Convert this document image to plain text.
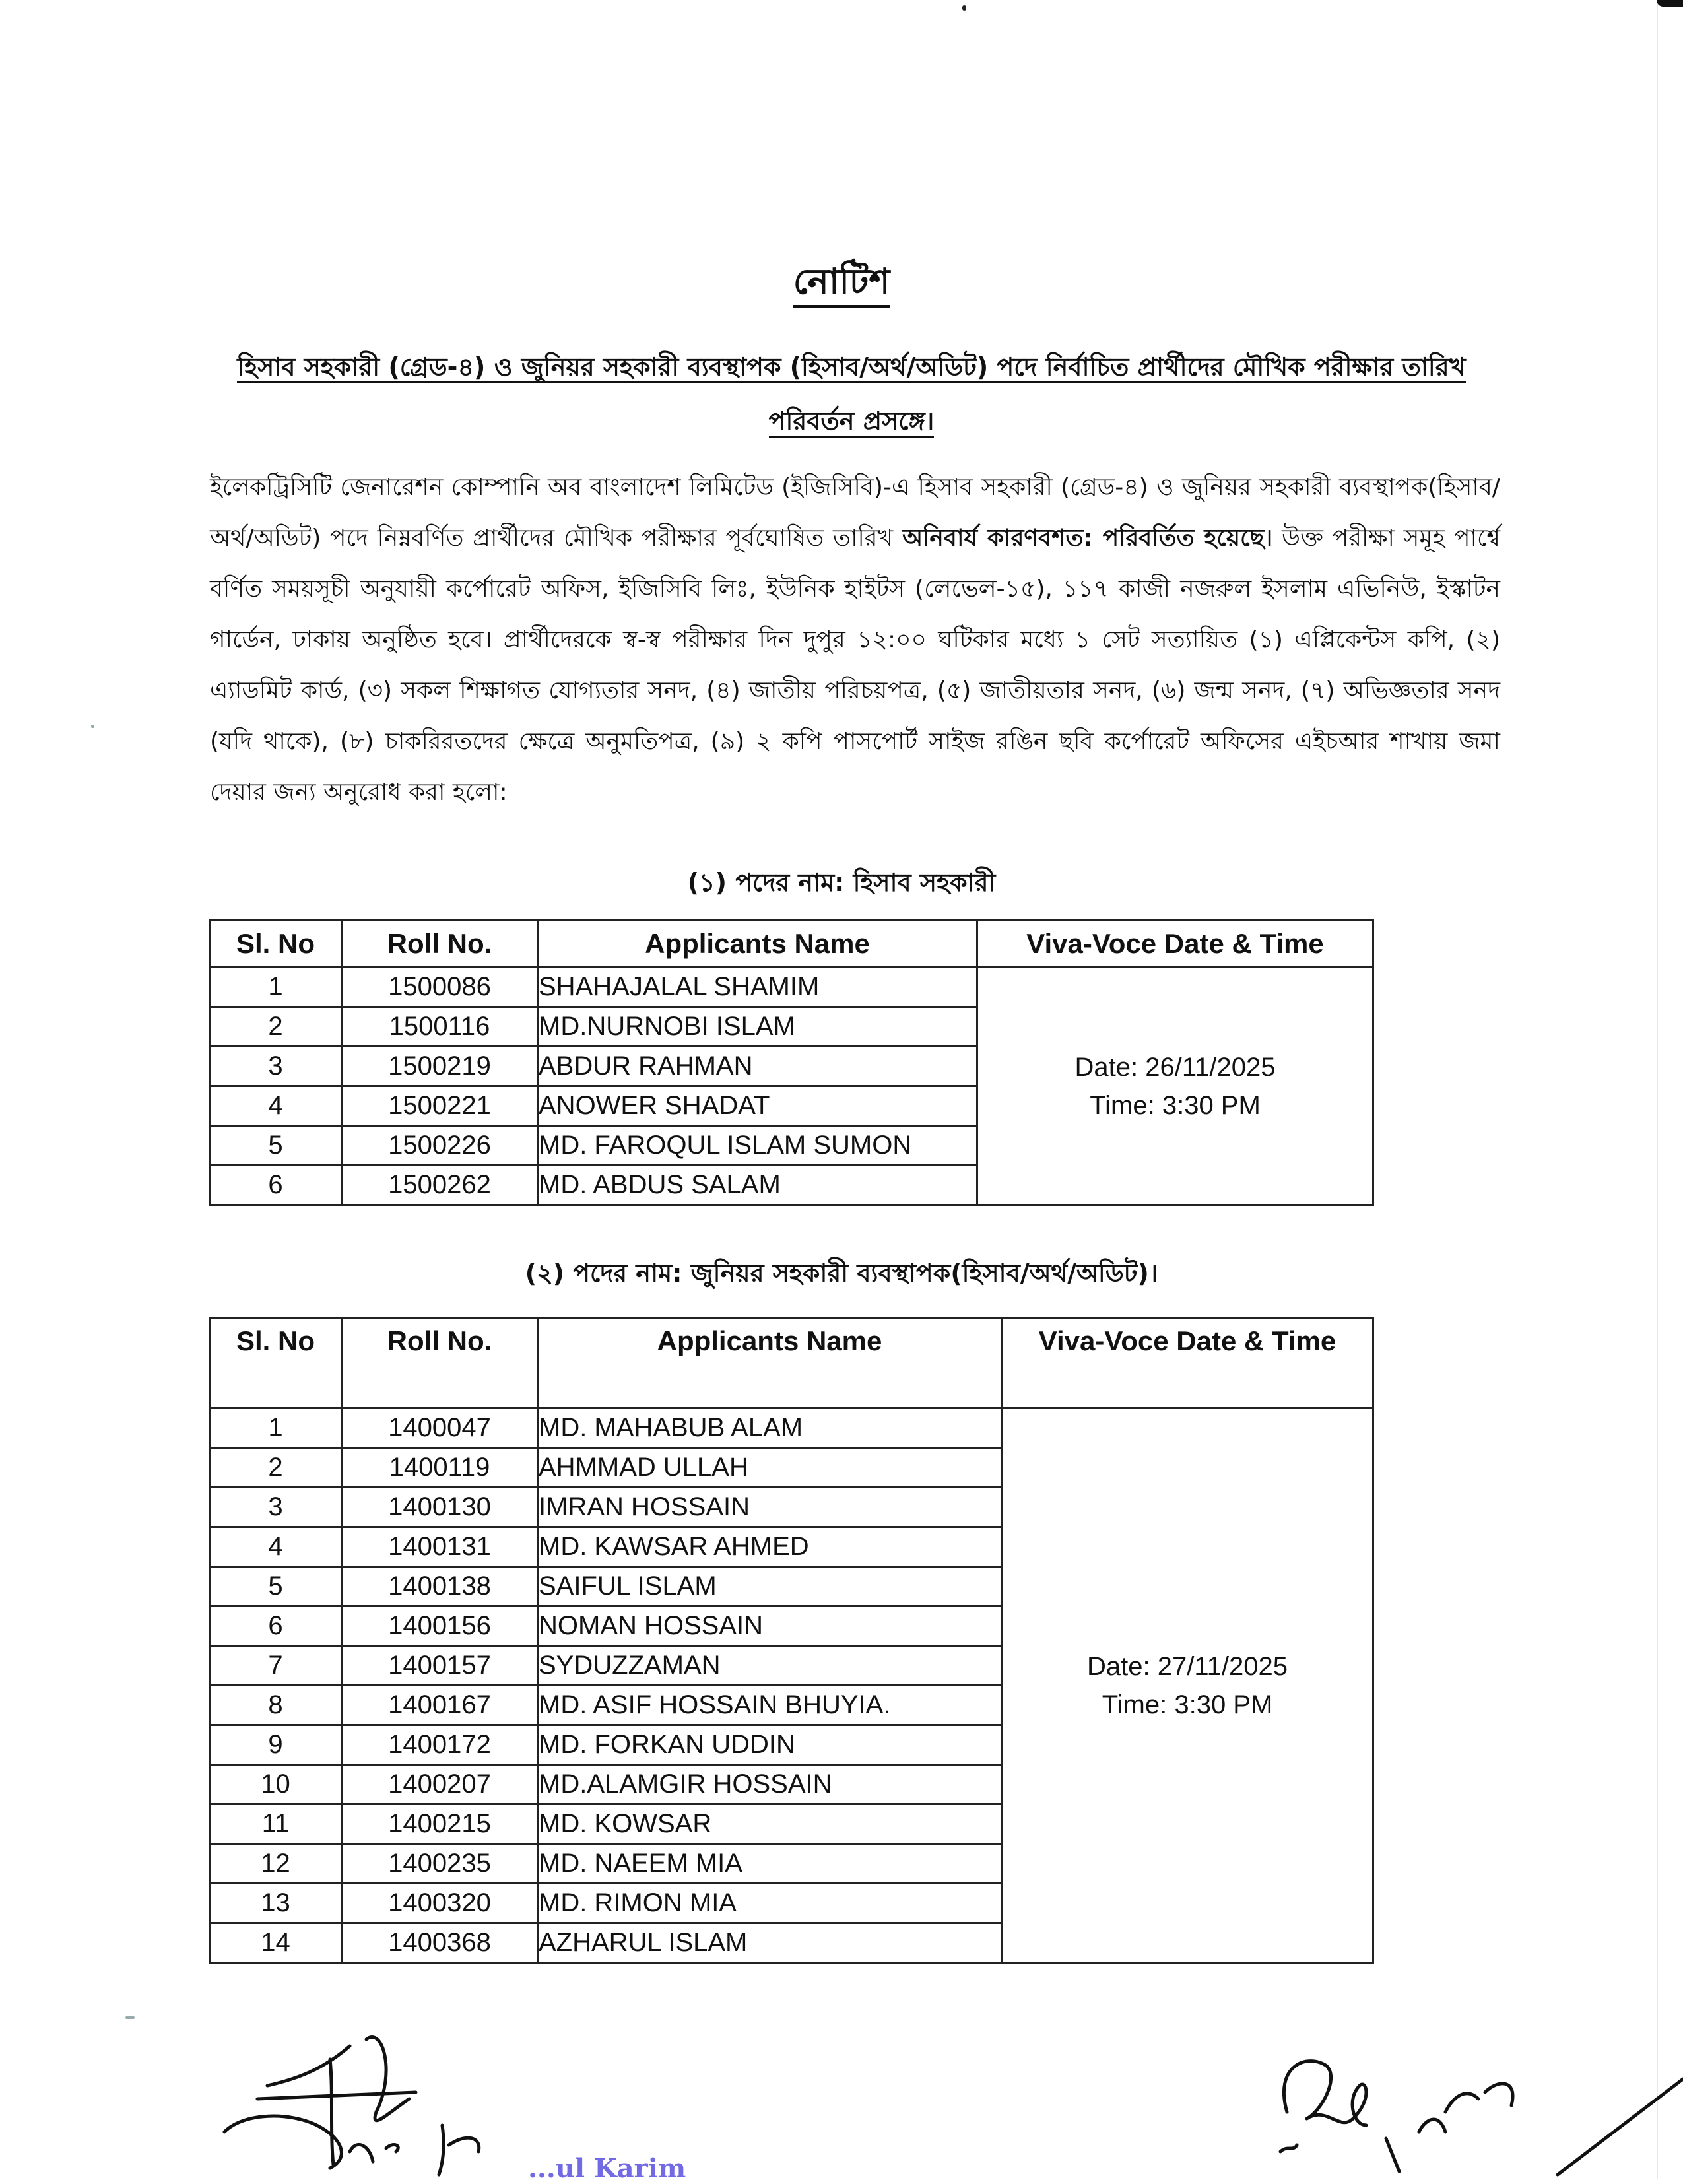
নোটিশ
হিসাব সহকারী (গ্রেড-৪) ও জুনিয়র সহকারী ব্যবস্থাপক (হিসাব/অর্থ/অডিট) পদে নির্বাচিত প্রার্থীদের মৌখিক পরীক্ষার তারিখ
পরিবর্তন প্রসঙ্গে।
ইলেকট্রিসিটি জেনারেশন কোম্পানি অব বাংলাদেশ লিমিটেড (ইজিসিবি)-এ হিসাব সহকারী (গ্রেড-৪) ও জুনিয়র সহকারী ব্যবস্থাপক(হিসাব/অর্থ/অডিট) পদে নিম্নবর্ণিত প্রার্থীদের মৌখিক পরীক্ষার পূর্বঘোষিত তারিখ অনিবার্য কারণবশত: পরিবর্তিত হয়েছে। উক্ত পরীক্ষা সমূহ পার্শ্বে বর্ণিত সময়সূচী অনুযায়ী কর্পোরেট অফিস, ইজিসিবি লিঃ, ইউনিক হাইটস (লেভেল-১৫), ১১৭ কাজী নজরুল ইসলাম এভিনিউ, ইস্কাটন গার্ডেন, ঢাকায় অনুষ্ঠিত হবে। প্রার্থীদেরকে স্ব-স্ব পরীক্ষার দিন দুপুর ১২:০০ ঘটিকার মধ্যে ১ সেট সত্যায়িত (১) এপ্লিকেন্টস কপি, (২) এ্যাডমিট কার্ড, (৩) সকল শিক্ষাগত যোগ্যতার সনদ, (৪) জাতীয় পরিচয়পত্র, (৫) জাতীয়তার সনদ, (৬) জন্ম সনদ, (৭) অভিজ্ঞতার সনদ (যদি থাকে), (৮) চাকরিরতদের ক্ষেত্রে অনুমতিপত্র, (৯) ২ কপি পাসপোর্ট সাইজ রঙিন ছবি কর্পোরেট অফিসের এইচআর শাখায় জমা দেয়ার জন্য অনুরোধ করা হলো:
(১) পদের নাম: হিসাব সহকারী
Sl. No	Roll No.	Applicants Name	Viva-Voce Date & Time
1	1500086	SHAHAJALAL SHAMIM	Date: 26/11/2025
Time: 3:30 PM

2	1500116	MD.NURNOBI ISLAM	
3	1500219	ABDUR RAHMAN	
4	1500221	ANOWER SHADAT	
5	1500226	MD. FAROQUL ISLAM SUMON	
6	1500262	MD. ABDUS SALAM	
(২) পদের নাম: জুনিয়র সহকারী ব্যবস্থাপক(হিসাব/অর্থ/অডিট)।
Sl. No	Roll No.	Applicants Name	Viva-Voce Date & Time
1	1400047	MD. MAHABUB ALAM	Date: 27/11/2025
Time: 3:30 PM

2	1400119	AHMMAD ULLAH	
3	1400130	IMRAN HOSSAIN	
4	1400131	MD. KAWSAR AHMED	
5	1400138	SAIFUL ISLAM	
6	1400156	NOMAN HOSSAIN	
7	1400157	SYDUZZAMAN	
8	1400167	MD. ASIF HOSSAIN BHUYIA.	
9	1400172	MD. FORKAN UDDIN	
10	1400207	MD.ALAMGIR HOSSAIN	
11	1400215	MD. KOWSAR	
12	1400235	MD. NAEEM MIA	
13	1400320	MD. RIMON MIA	
14	1400368	AZHARUL ISLAM	
...ul Karim
